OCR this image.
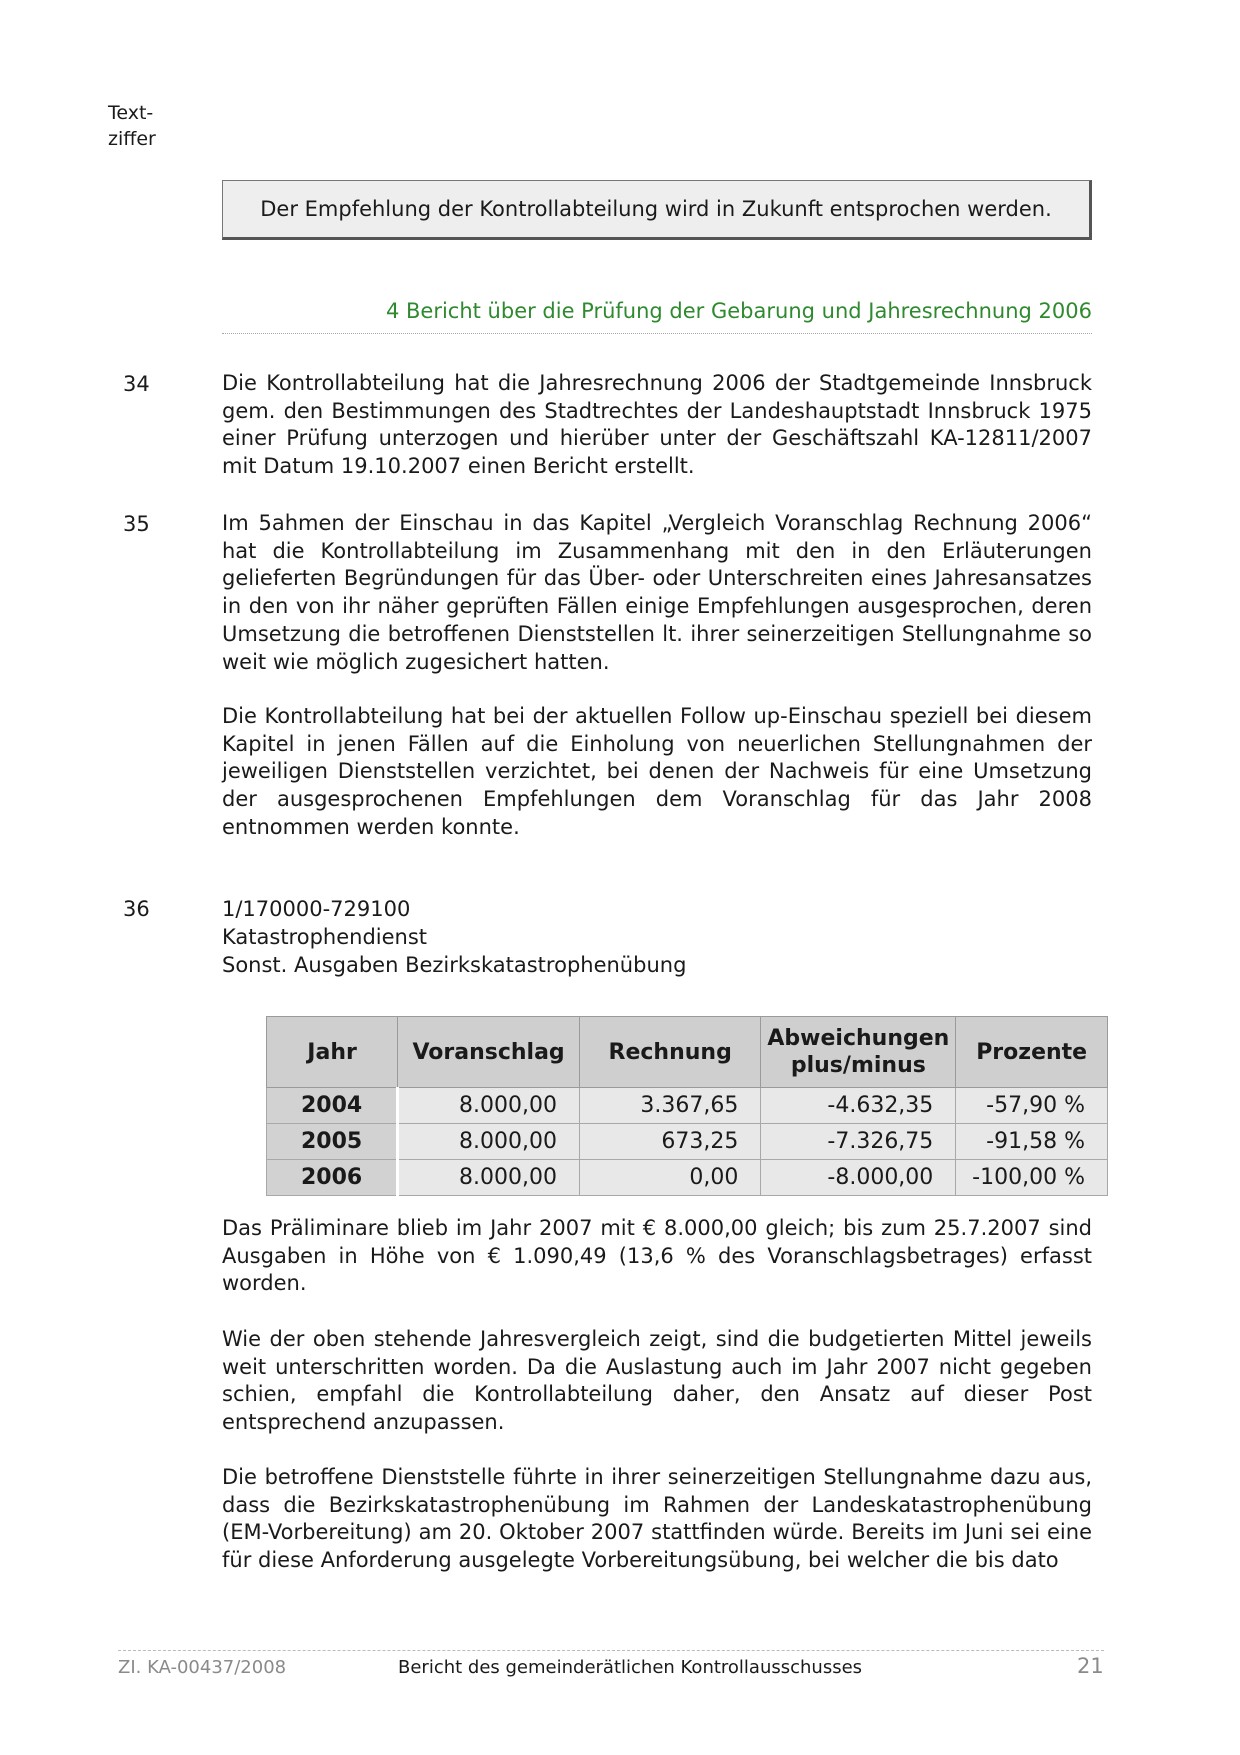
Text-
ziffer
Der Empfehlung der Kontrollabteilung wird in Zukunft entsprochen werden.
4 Bericht über die Prüfung der Gebarung und Jahresrechnung 2006
34	Die Kontrollabteilung hat die Jahresrechnung 2006 der Stadtgemeinde Innsbruck gem. den Bestimmungen des Stadtrechtes der Landeshauptstadt Innsbruck 1975 einer Prüfung unterzogen und hierüber unter der Geschäftszahl KA-12811/2007 mit Datum 19.10.2007 einen Bericht erstellt.
35	Im 5ahmen der Einschau in das Kapitel „Vergleich Voranschlag Rechnung 2006“ hat die Kontrollabteilung im Zusammenhang mit den in den Erläuterungen gelieferten Begründungen für das Über- oder Unterschreiten eines Jahresansatzes in den von ihr näher geprüften Fällen einige Empfehlungen ausgesprochen, deren Umsetzung die betroffenen Dienststellen lt. ihrer seinerzeitigen Stellungnahme so weit wie möglich zugesichert hatten.
Die Kontrollabteilung hat bei der aktuellen Follow up-Einschau speziell bei diesem Kapitel in jenen Fällen auf die Einholung von neuerlichen Stellungnahmen der jeweiligen Dienststellen verzichtet, bei denen der Nachweis für eine Umsetzung der ausgesprochenen Empfehlungen dem Voranschlag für das Jahr 2008 entnommen werden konnte.
36	1/170000-729100
Katastrophendienst
Sonst. Ausgaben Bezirkskatastrophenübung
Jahr	Voranschlag	Rechnung	Abweichungen plus/minus	Prozente
2004	8.000,00	3.367,65	-4.632,35	-57,90 %
2005	8.000,00	673,25	-7.326,75	-91,58 %
2006	8.000,00	0,00	-8.000,00	-100,00 %
Das Präliminare blieb im Jahr 2007 mit € 8.000,00 gleich; bis zum 25.7.2007 sind Ausgaben in Höhe von € 1.090,49 (13,6 % des Voranschlagsbetrages) erfasst worden.
Wie der oben stehende Jahresvergleich zeigt, sind die budgetierten Mittel jeweils weit unterschritten worden. Da die Auslastung auch im Jahr 2007 nicht gegeben schien, empfahl die Kontrollabteilung daher, den Ansatz auf dieser Post entsprechend anzupassen.
Die betroffene Dienststelle führte in ihrer seinerzeitigen Stellungnahme dazu aus, dass die Bezirkskatastrophenübung im Rahmen der Landeskatastrophenübung (EM-Vorbereitung) am 20. Oktober 2007 stattfinden würde. Bereits im Juni sei eine für diese Anforderung ausgelegte Vorbereitungsübung, bei welcher die bis dato
ZI. KA-00437/2008	Bericht des gemeinderätlichen Kontrollausschusses	21
